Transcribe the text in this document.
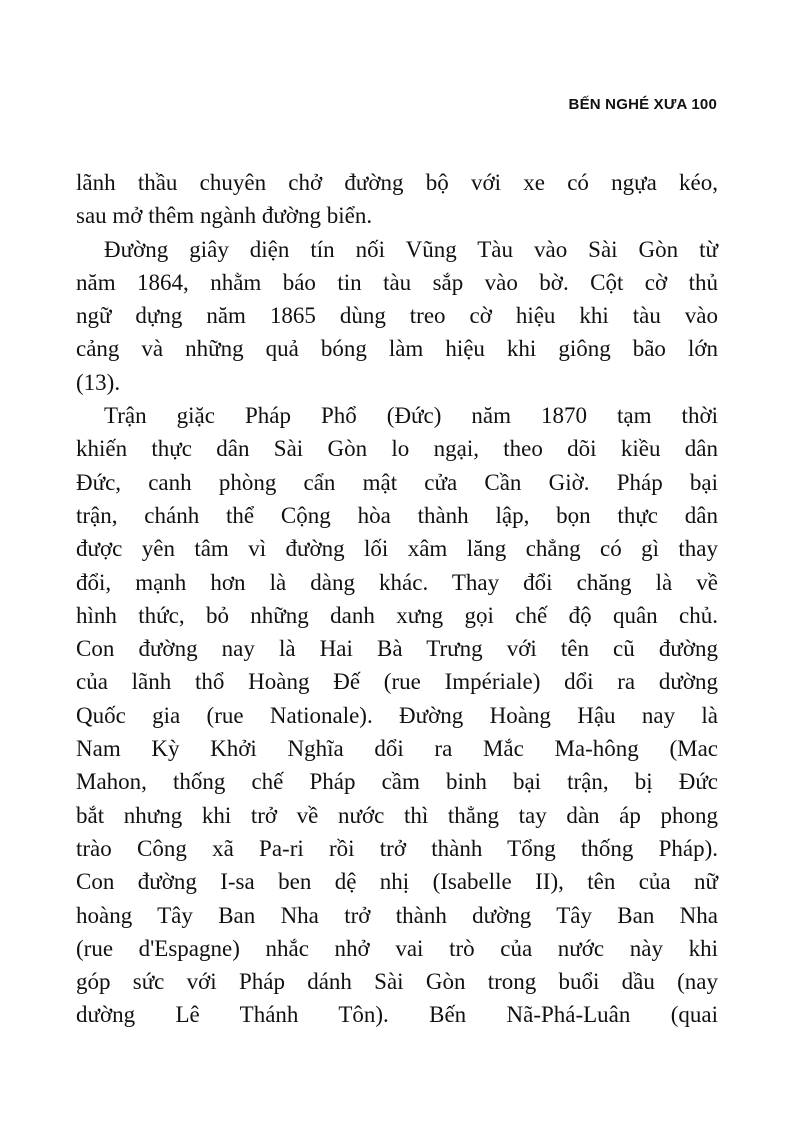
BẾN NGHÉ XƯA 100
lãnh thầu chuyên chở đường bộ với xe có ngựa kéo,
sau mở thêm ngành đường biển.
Đường giây diện tín nối Vũng Tàu vào Sài Gòn từ
năm 1864, nhằm báo tin tàu sắp vào bờ. Cột cờ thủ
ngữ dựng năm 1865 dùng treo cờ hiệu khi tàu vào
cảng và những quả bóng làm hiệu khi giông bão lớn
(13).
Trận giặc Pháp Phổ (Đức) năm 1870 tạm thời
khiến thực dân Sài Gòn lo ngại, theo dõi kiều dân
Đức, canh phòng cẩn mật cửa Cần Giờ. Pháp bại
trận, chánh thể Cộng hòa thành lập, bọn thực dân
được yên tâm vì đường lối xâm lăng chẳng có gì thay
đổi, mạnh hơn là dàng khác. Thay đổi chăng là về
hình thức, bỏ những danh xưng gọi chế độ quân chủ.
Con đường nay là Hai Bà Trưng với tên cũ đường
của lãnh thổ Hoàng Đế (rue Impériale) dổi ra dường
Quốc gia (rue Nationale). Đường Hoàng Hậu nay là
Nam Kỳ Khởi Nghĩa dổi ra Mắc Ma-hông (Mac
Mahon, thống chế Pháp cầm binh bại trận, bị Đức
bắt nhưng khi trở về nước thì thẳng tay dàn áp phong
trào Công xã Pa-ri rồi trở thành Tổng thống Pháp).
Con đường I-sa ben dệ nhị (Isabelle II), tên của nữ
hoàng Tây Ban Nha trở thành dường Tây Ban Nha
(rue d'Espagne) nhắc nhở vai trò của nước này khi
góp sức với Pháp dánh Sài Gòn trong buổi dầu (nay
dường Lê Thánh Tôn). Bến Nã-Phá-Luân (quai
